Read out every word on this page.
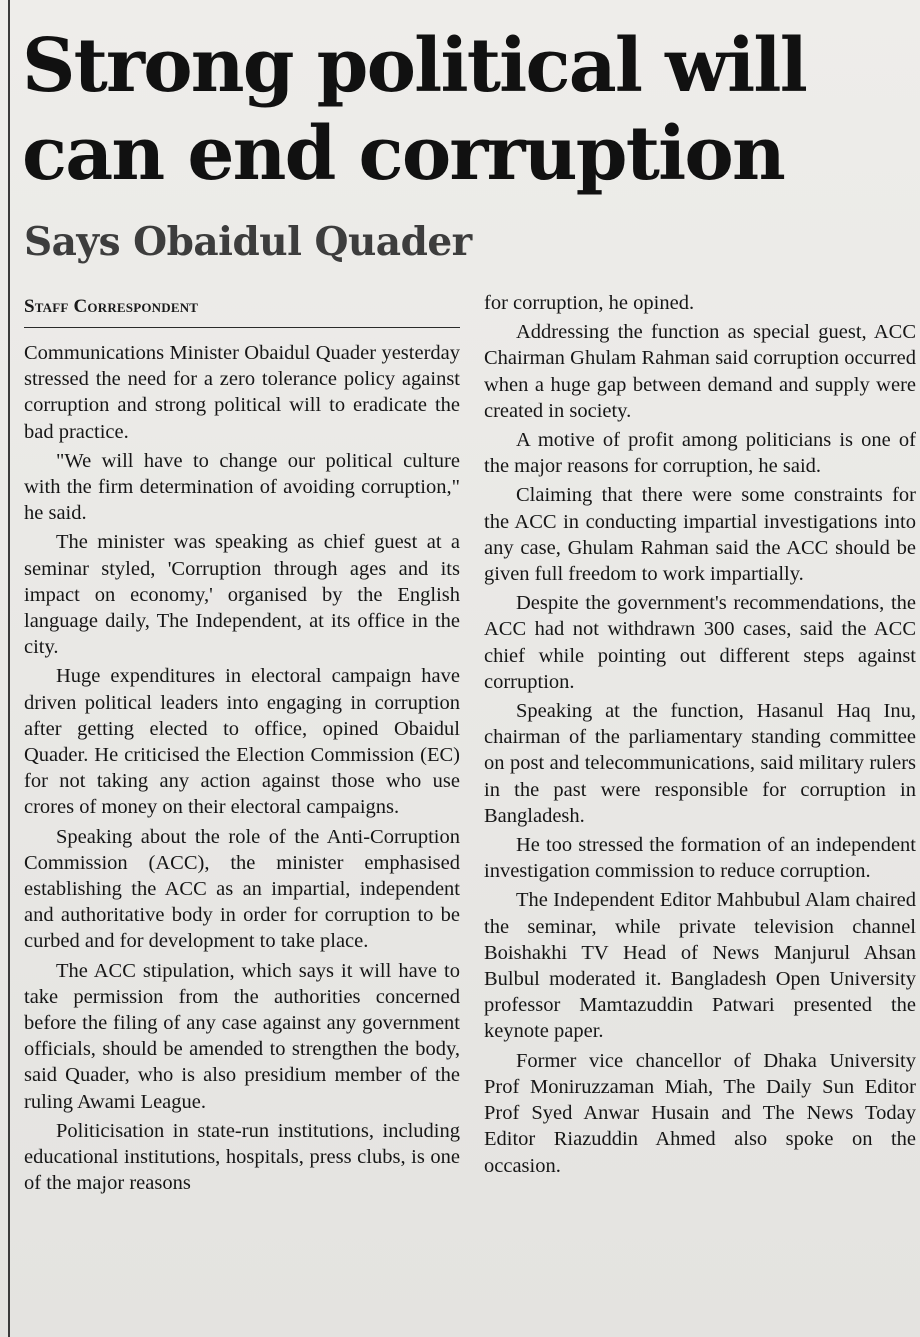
Strong political will can end corruption
Says Obaidul Quader
Staff Correspondent

Communications Minister Obaidul Quader yesterday stressed the need for a zero tolerance policy against corruption and strong political will to eradicate the bad practice.

"We will have to change our political culture with the firm determination of avoiding corruption," he said.

The minister was speaking as chief guest at a seminar styled, 'Corruption through ages and its impact on economy,' organised by the English language daily, The Independent, at its office in the city.

Huge expenditures in electoral campaign have driven political leaders into engaging in corruption after getting elected to office, opined Obaidul Quader. He criticised the Election Commission (EC) for not taking any action against those who use crores of money on their electoral campaigns.

Speaking about the role of the Anti-Corruption Commission (ACC), the minister emphasised establishing the ACC as an impartial, independent and authoritative body in order for corruption to be curbed and for development to take place.

The ACC stipulation, which says it will have to take permission from the authorities concerned before the filing of any case against any government officials, should be amended to strengthen the body, said Quader, who is also presidium member of the ruling Awami League.

Politicisation in state-run institutions, including educational institutions, hospitals, press clubs, is one of the major reasons

for corruption, he opined.

Addressing the function as special guest, ACC Chairman Ghulam Rahman said corruption occurred when a huge gap between demand and supply were created in society.

A motive of profit among politicians is one of the major reasons for corruption, he said.

Claiming that there were some constraints for the ACC in conducting impartial investigations into any case, Ghulam Rahman said the ACC should be given full freedom to work impartially.

Despite the government's recommendations, the ACC had not withdrawn 300 cases, said the ACC chief while pointing out different steps against corruption.

Speaking at the function, Hasanul Haq Inu, chairman of the parliamentary standing committee on post and telecommunications, said military rulers in the past were responsible for corruption in Bangladesh.

He too stressed the formation of an independent investigation commission to reduce corruption.

The Independent Editor Mahbubul Alam chaired the seminar, while private television channel Boishakhi TV Head of News Manjurul Ahsan Bulbul moderated it. Bangladesh Open University professor Mamtazuddin Patwari presented the keynote paper.

Former vice chancellor of Dhaka University Prof Moniruzzaman Miah, The Daily Sun Editor Prof Syed Anwar Husain and The News Today Editor Riazuddin Ahmed also spoke on the occasion.
